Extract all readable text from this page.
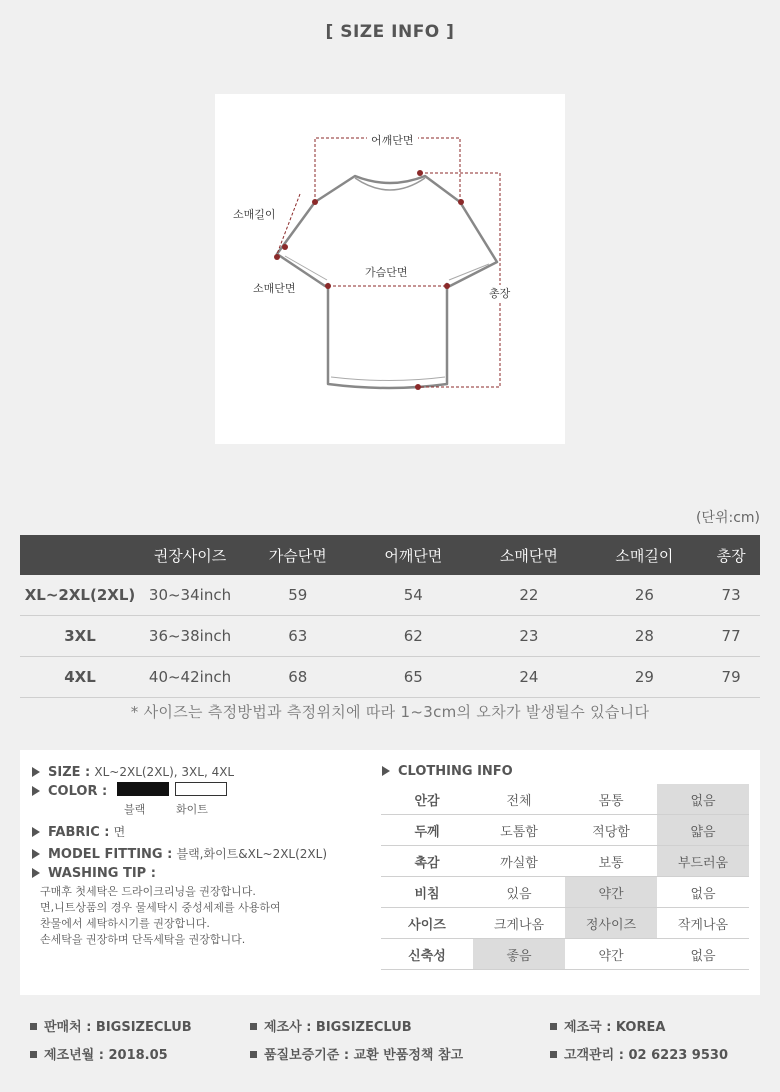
[ SIZE INFO ]
어깨단면
소매길이
가슴단면
소매단면	총장
(단위:cm)
	권장사이즈	가슴단면	어깨단면	소매단면	소매길이	총장
XL~2XL(2XL)	30~34inch	59	54	22	26	73
3XL	36~38inch	63	62	23	28	77
4XL	40~42inch	68	65	24	29	79
* 사이즈는 측정방법과 측정위치에 따라 1~3cm의 오차가 발생될수 있습니다
SIZE : XL~2XL(2XL), 3XL, 4XL
COLOR :
블랙	화이트
FABRIC : 면
MODEL FITTING : 블랙,화이트&XL~2XL(2XL)
WASHING TIP :
구매후 첫세탁은 드라이크리닝을 권장합니다.
면,니트상품의 경우 물세탁시 중성세제를 사용하여
찬물에서 세탁하시기를 권장합니다.
손세탁을 권장하며 단독세탁을 권장합니다.
CLOTHING INFO
안감	전체	몸통	없음
두께	도톰함	적당함	얇음
촉감	까실함	보통	부드러움
비침	있음	약간	없음
사이즈	크게나옴	정사이즈	작게나옴
신축성	좋음	약간	없음
판매처 : BIGSIZECLUB	제조사 : BIGSIZECLUB	제조국 : KOREA
제조년월 : 2018.05	품질보증기준 : 교환 반품정책 참고	고객관리 : 02 6223 9530
